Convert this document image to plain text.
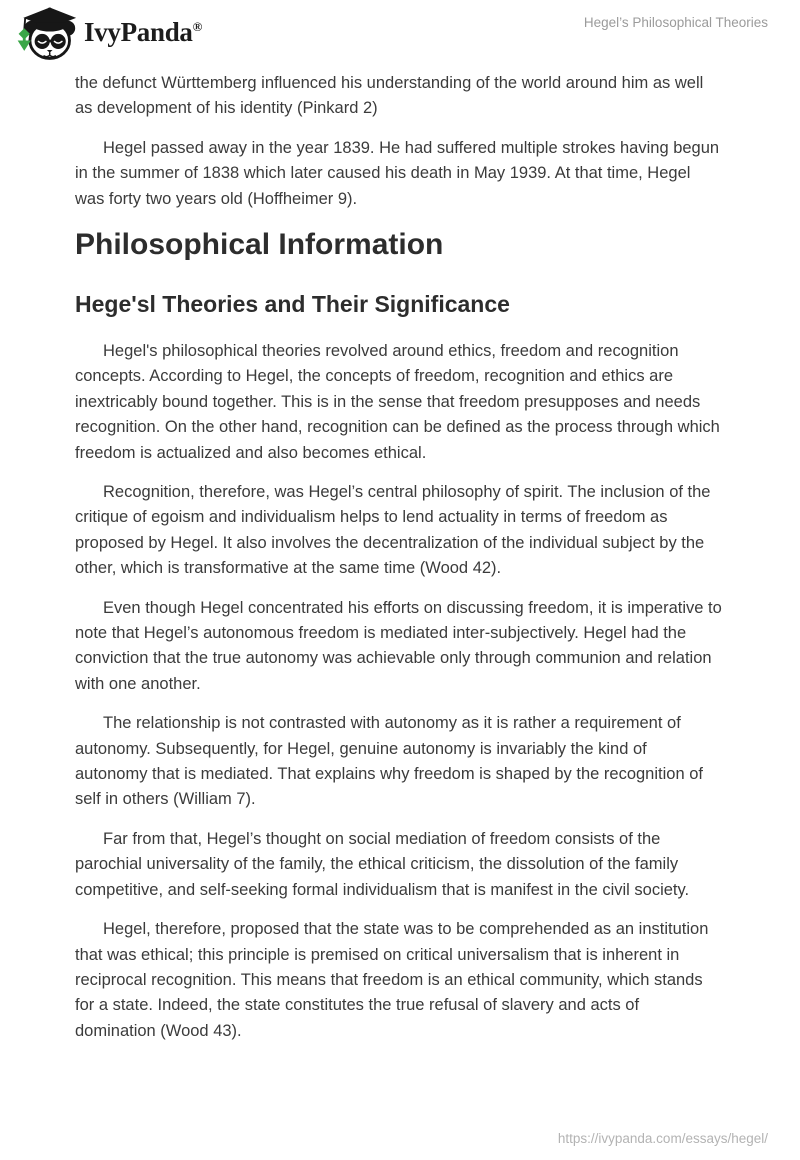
IvyPanda®	Hegel’s Philosophical Theories

the defunct Württemberg influenced his understanding of the world around him as well as development of his identity (Pinkard 2)

Hegel passed away in the year 1839. He had suffered multiple strokes having begun in the summer of 1838 which later caused his death in May 1939. At that time, Hegel was forty two years old (Hoffheimer 9).

Philosophical Information
Hege'sl Theories and Their Significance

Hegel's philosophical theories revolved around ethics, freedom and recognition concepts. According to Hegel, the concepts of freedom, recognition and ethics are inextricably bound together. This is in the sense that freedom presupposes and needs recognition. On the other hand, recognition can be defined as the process through which freedom is actualized and also becomes ethical.

Recognition, therefore, was Hegel’s central philosophy of spirit. The inclusion of the critique of egoism and individualism helps to lend actuality in terms of freedom as proposed by Hegel. It also involves the decentralization of the individual subject by the other, which is transformative at the same time (Wood 42).

Even though Hegel concentrated his efforts on discussing freedom, it is imperative to note that Hegel’s autonomous freedom is mediated inter-subjectively. Hegel had the conviction that the true autonomy was achievable only through communion and relation with one another.

The relationship is not contrasted with autonomy as it is rather a requirement of autonomy. Subsequently, for Hegel, genuine autonomy is invariably the kind of autonomy that is mediated. That explains why freedom is shaped by the recognition of self in others (William 7).

Far from that, Hegel’s thought on social mediation of freedom consists of the parochial universality of the family, the ethical criticism, the dissolution of the family competitive, and self-seeking formal individualism that is manifest in the civil society.

Hegel, therefore, proposed that the state was to be comprehended as an institution that was ethical; this principle is premised on critical universalism that is inherent in reciprocal recognition. This means that freedom is an ethical community, which stands for a state. Indeed, the state constitutes the true refusal of slavery and acts of domination (Wood 43).

https://ivypanda.com/essays/hegel/
